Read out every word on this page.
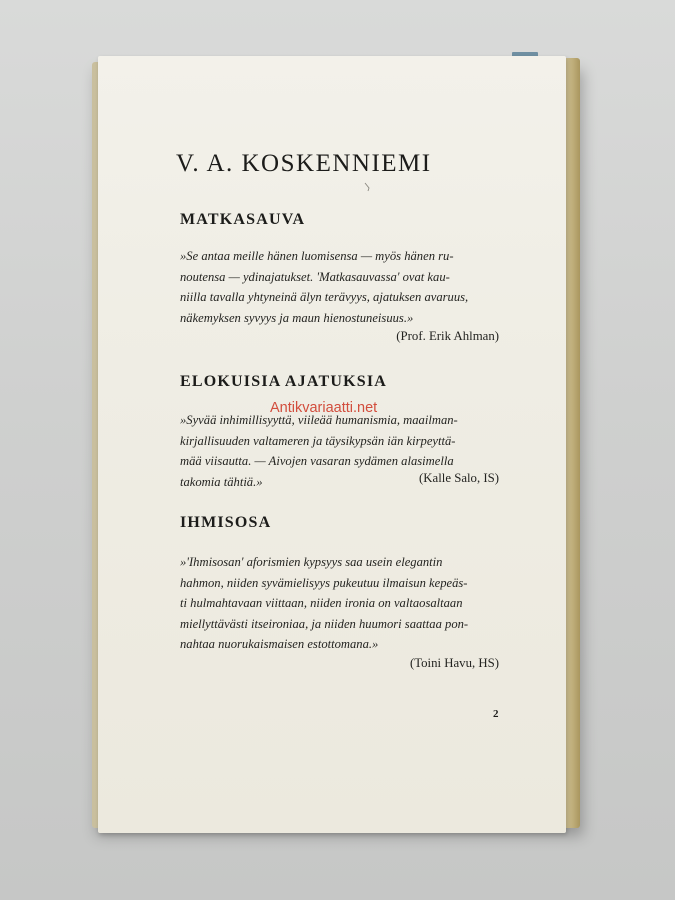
V. A. KOSKENNIEMI
MATKASAUVA
»Se antaa meille hänen luomisensa — myös hänen ru-
noutensa — ydinajatukset. 'Matkasauvassa' ovat kau-
niilla tavalla yhtyneinä älyn terävyys, ajatuksen avaruus,
näkemyksen syvyys ja maun hienostuneisuus.»
(Prof. Erik Ahlman)
ELOKUISIA AJATUKSIA
»Syvää inhimillisyyttä, viileää humanismia, maailman-
kirjallisuuden valtameren ja täysikypsän iän kirpeyttä-
mää viisautta. — Aivojen vasaran sydämen alasimella
takomia tähtiä.»	(Kalle Salo, IS)
IHMISOSA
»'Ihmisosan' aforismien kypsyys saa usein elegantin
hahmon, niiden syvämielisyys pukeutuu ilmaisun kepeäs-
ti hulmahtavaan viittaan, niiden ironia on valtaosaltaan
miellyttävästi itseironiaa, ja niiden huumori saattaa pon-
nahtaa nuorukaismaisen estottomana.»
(Toini Havu, HS)
2
Antikvariaatti.net
